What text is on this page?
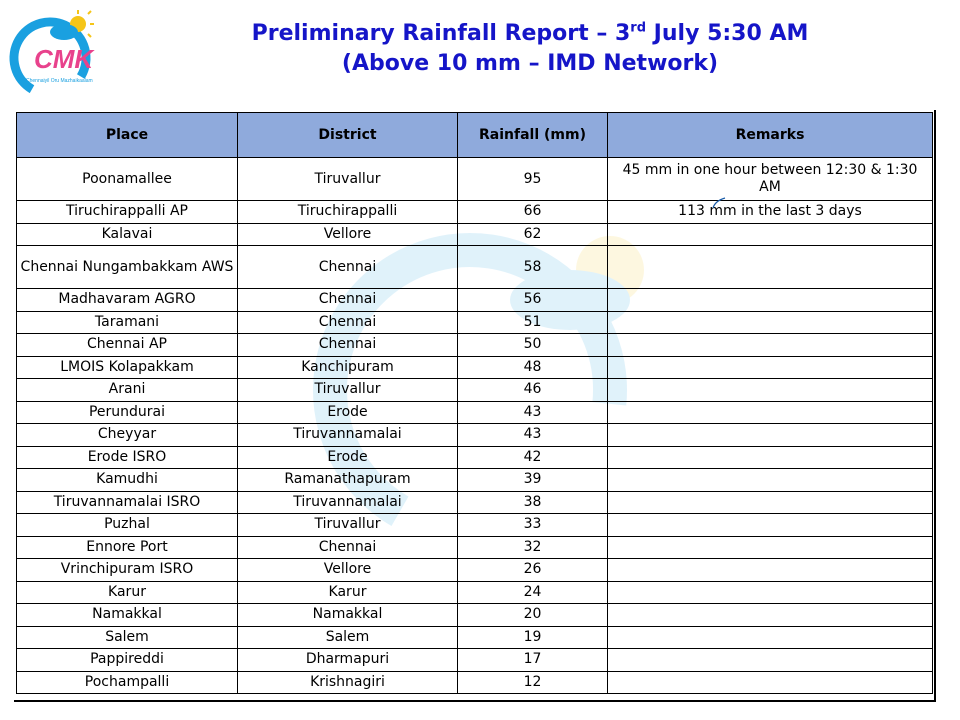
CMK
Chennaiyil Oru Mazhaikaalam
Preliminary Rainfall Report – 3rd July 5:30 AM
(Above 10 mm – IMD Network)
Place	District	Rainfall (mm)	Remarks
Poonamallee	Tiruvallur	95	45 mm in one hour between 12:30 & 1:30 AM
Tiruchirappalli AP	Tiruchirappalli	66	113 mm in the last 3 days
Kalavai	Vellore	62	
Chennai Nungambakkam AWS	Chennai	58	
Madhavaram AGRO	Chennai	56	
Taramani	Chennai	51	
Chennai AP	Chennai	50	
LMOIS Kolapakkam	Kanchipuram	48	
Arani	Tiruvallur	46	
Perundurai	Erode	43	
Cheyyar	Tiruvannamalai	43	
Erode ISRO	Erode	42	
Kamudhi	Ramanathapuram	39	
Tiruvannamalai ISRO	Tiruvannamalai	38	
Puzhal	Tiruvallur	33	
Ennore Port	Chennai	32	
Vrinchipuram ISRO	Vellore	26	
Karur	Karur	24	
Namakkal	Namakkal	20	
Salem	Salem	19	
Pappireddi	Dharmapuri	17	
Pochampalli	Krishnagiri	12	
